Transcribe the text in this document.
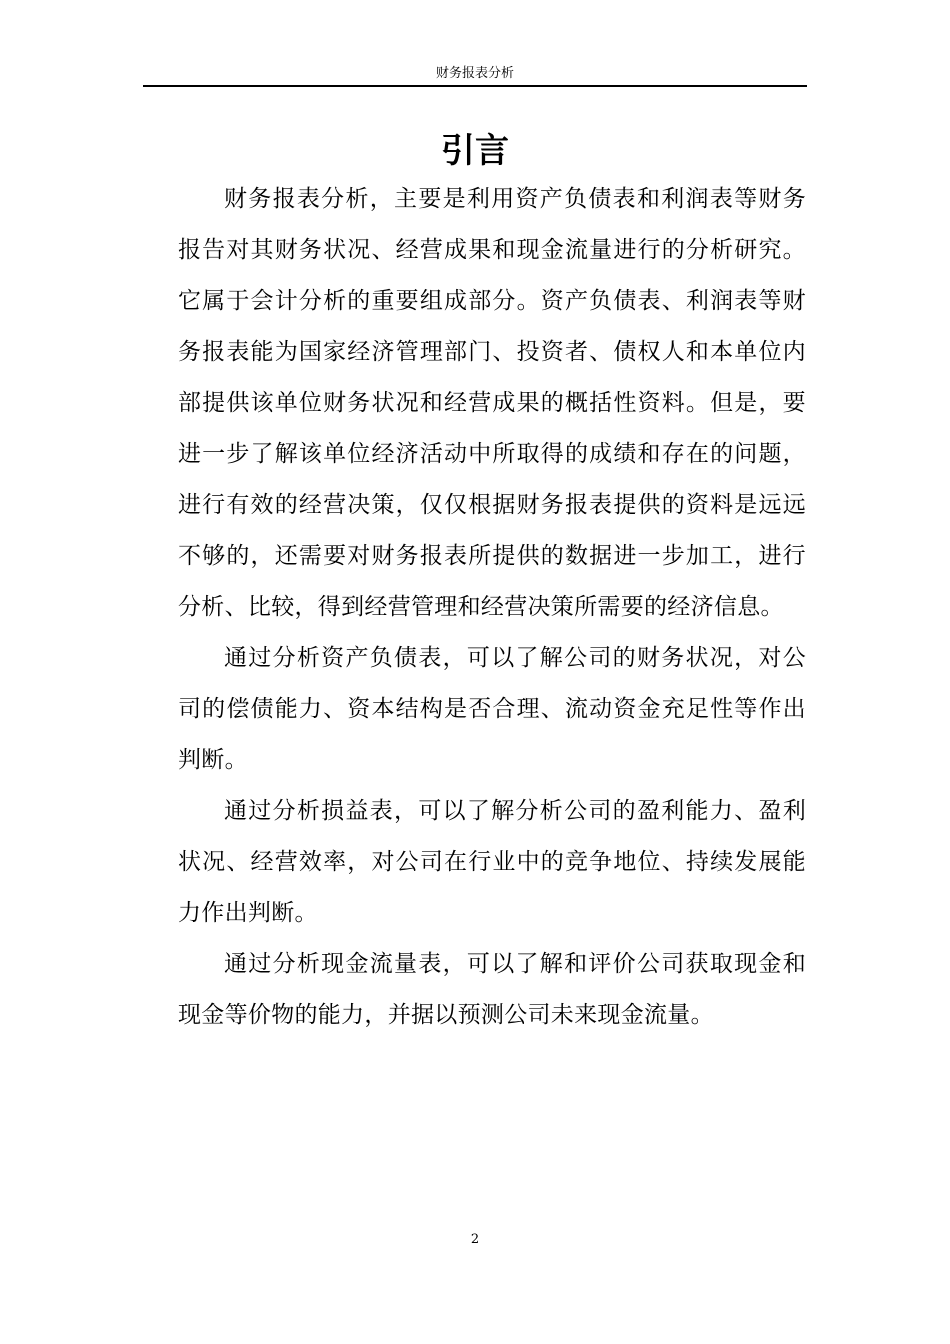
财务报表分析
引言

财务报表分析，主要是利用资产负债表和利润表等财务报告对其财务状况、经营成果和现金流量进行的分析研究。它属于会计分析的重要组成部分。资产负债表、利润表等财务报表能为国家经济管理部门、投资者、债权人和本单位内部提供该单位财务状况和经营成果的概括性资料。但是，要进一步了解该单位经济活动中所取得的成绩和存在的问题，进行有效的经营决策，仅仅根据财务报表提供的资料是远远不够的，还需要对财务报表所提供的数据进一步加工，进行分析、比较，得到经营管理和经营决策所需要的经济信息。

通过分析资产负债表，可以了解公司的财务状况，对公司的偿债能力、资本结构是否合理、流动资金充足性等作出判断。

通过分析损益表，可以了解分析公司的盈利能力、盈利状况、经营效率，对公司在行业中的竞争地位、持续发展能力作出判断。

通过分析现金流量表，可以了解和评价公司获取现金和现金等价物的能力，并据以预测公司未来现金流量。

2
